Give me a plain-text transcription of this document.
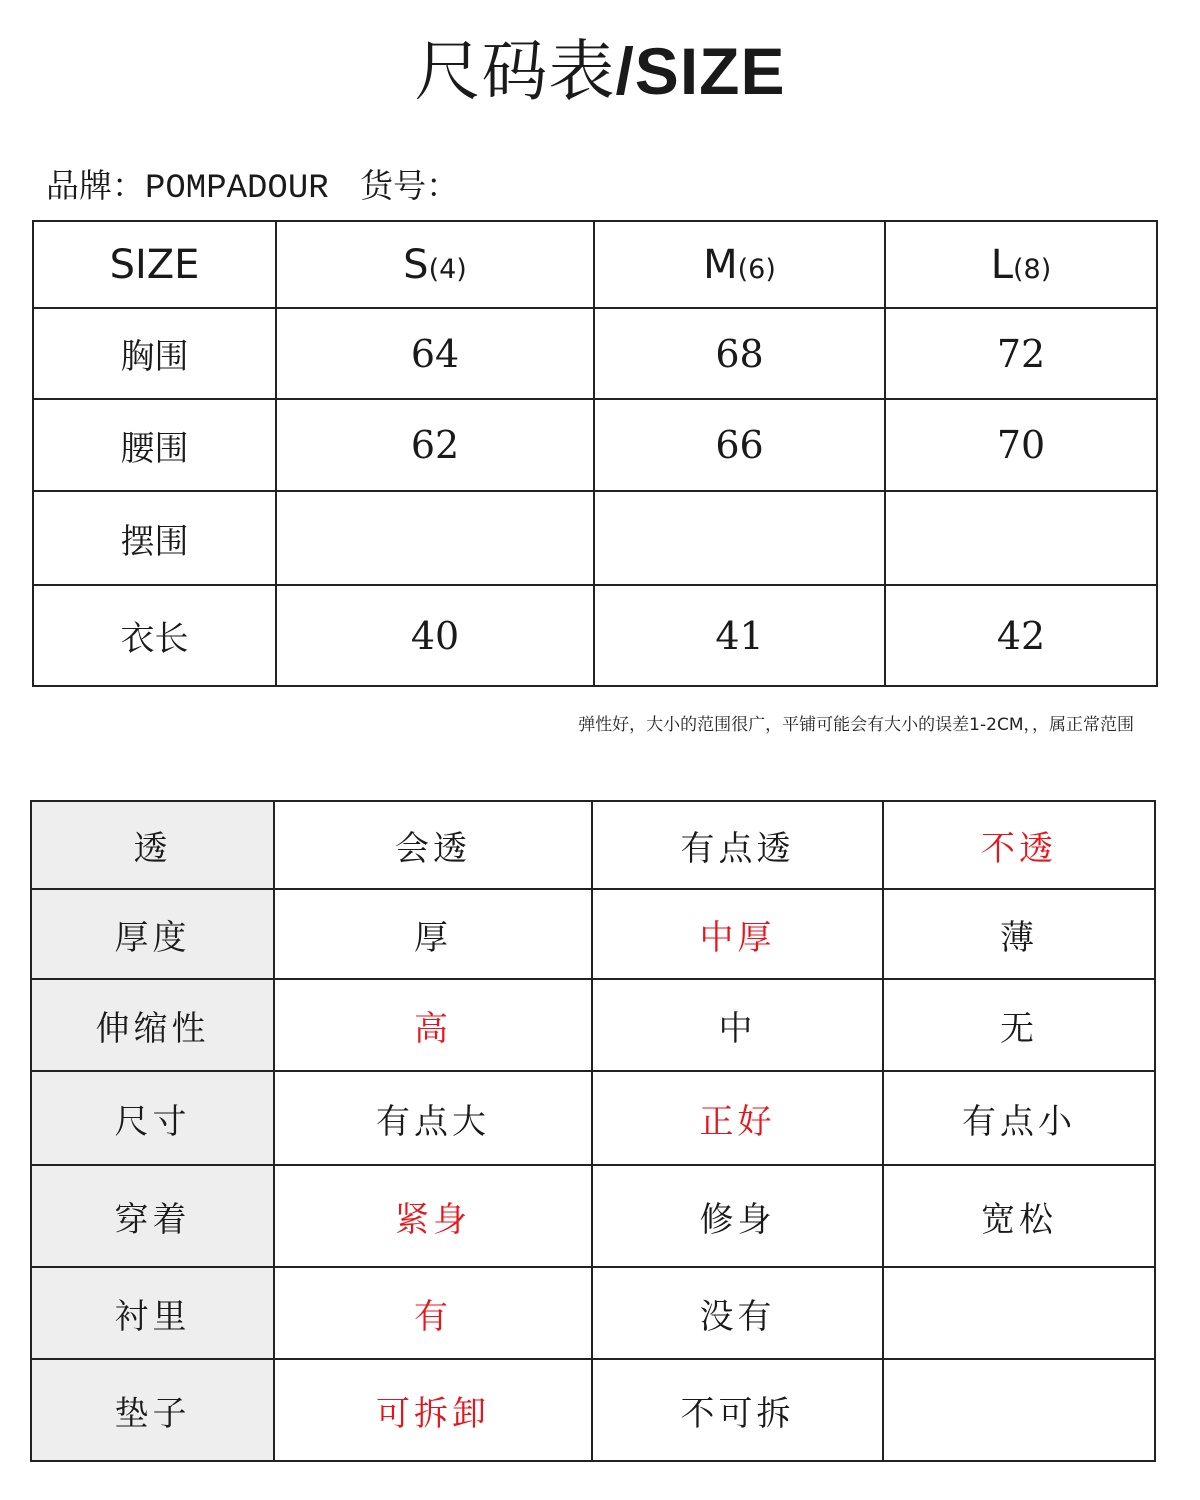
尺码表/SIZE
品牌：POMPADOUR 货号：
SIZE	S(4)	M(6)	L(8)
胸围	64	68	72
腰围	62	66	70
摆围			
衣长	40	41	42
弹性好，大小的范围很广，平铺可能会有大小的误差1-2CM，，属正常范围
透	会透	有点透	不透
厚度	厚	中厚	薄
伸缩性	高	中	无
尺寸	有点大	正好	有点小
穿着	紧身	修身	宽松
衬里	有	没有	
垫子	可拆卸	不可拆	
